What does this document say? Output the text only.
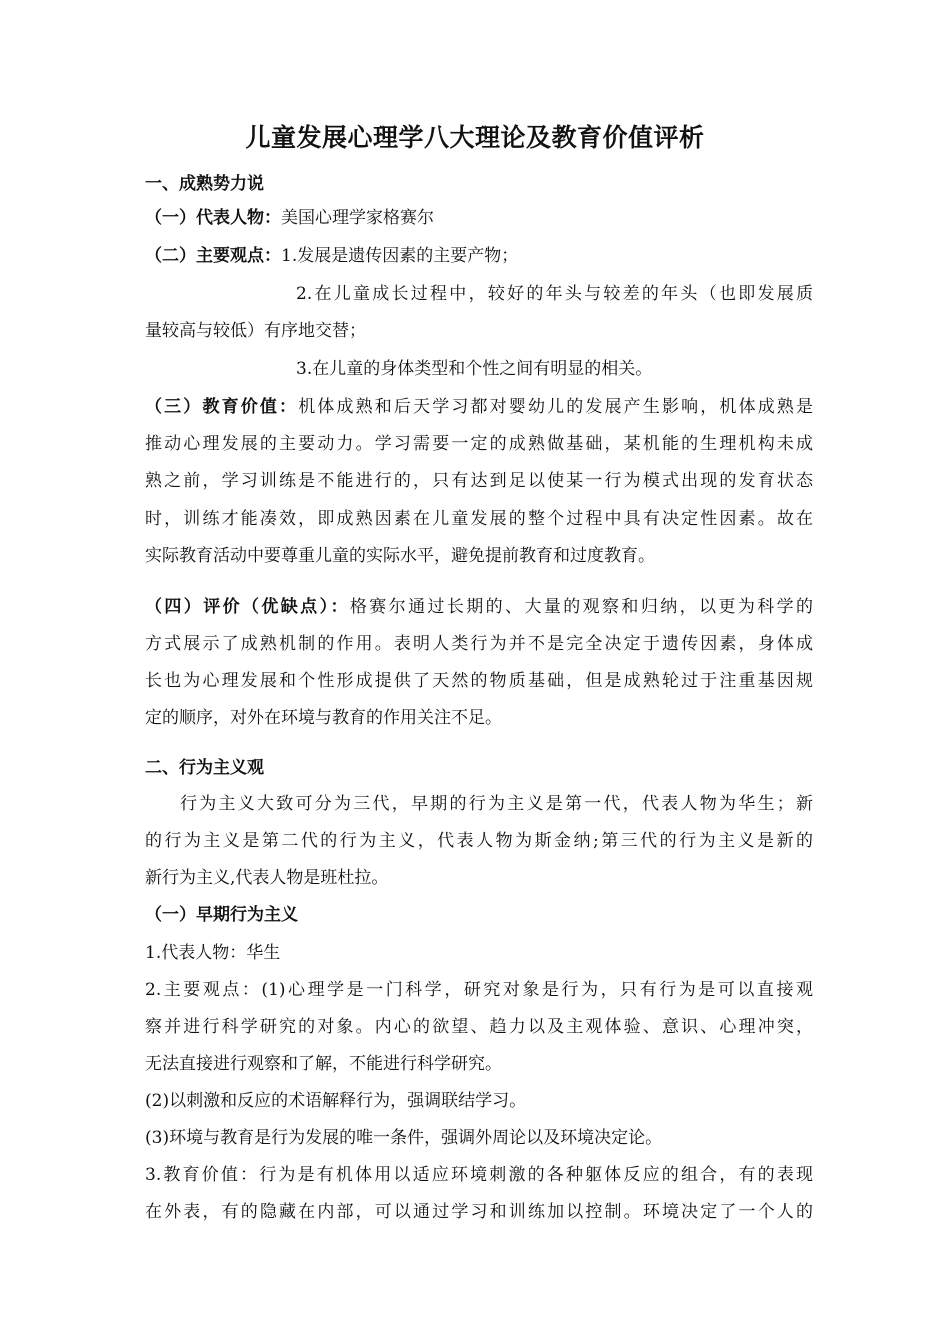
儿童发展心理学八大理论及教育价值评析
一、成熟势力说
（一）代表人物：美国心理学家格赛尔
（二）主要观点：1.发展是遗传因素的主要产物；
2.在儿童成长过程中，较好的年头与较差的年头（也即发展质
量较高与较低）有序地交替；
3.在儿童的身体类型和个性之间有明显的相关。
（三）教育价值：机体成熟和后天学习都对婴幼儿的发展产生影响，机体成熟是
推动心理发展的主要动力。学习需要一定的成熟做基础，某机能的生理机构未成
熟之前，学习训练是不能进行的，只有达到足以使某一行为模式出现的发育状态
时，训练才能凑效，即成熟因素在儿童发展的整个过程中具有决定性因素。故在
实际教育活动中要尊重儿童的实际水平，避免提前教育和过度教育。
（四）评价（优缺点）：格赛尔通过长期的、大量的观察和归纳，以更为科学的
方式展示了成熟机制的作用。表明人类行为并不是完全决定于遗传因素，身体成
长也为心理发展和个性形成提供了天然的物质基础，但是成熟轮过于注重基因规
定的顺序，对外在环境与教育的作用关注不足。
二、行为主义观
行为主义大致可分为三代，早期的行为主义是第一代，代表人物为华生；新
的行为主义是第二代的行为主义，代表人物为斯金纳;第三代的行为主义是新的
新行为主义,代表人物是班杜拉。
（一）早期行为主义
1.代表人物：华生
2.主要观点：(1)心理学是一门科学，研究对象是行为，只有行为是可以直接观
察并进行科学研究的对象。内心的欲望、趋力以及主观体验、意识、心理冲突，
无法直接进行观察和了解，不能进行科学研究。
(2)以刺激和反应的术语解释行为，强调联结学习。
(3)环境与教育是行为发展的唯一条件，强调外周论以及环境决定论。
3.教育价值：行为是有机体用以适应环境刺激的各种躯体反应的组合，有的表现
在外表，有的隐藏在内部，可以通过学习和训练加以控制。环境决定了一个人的
